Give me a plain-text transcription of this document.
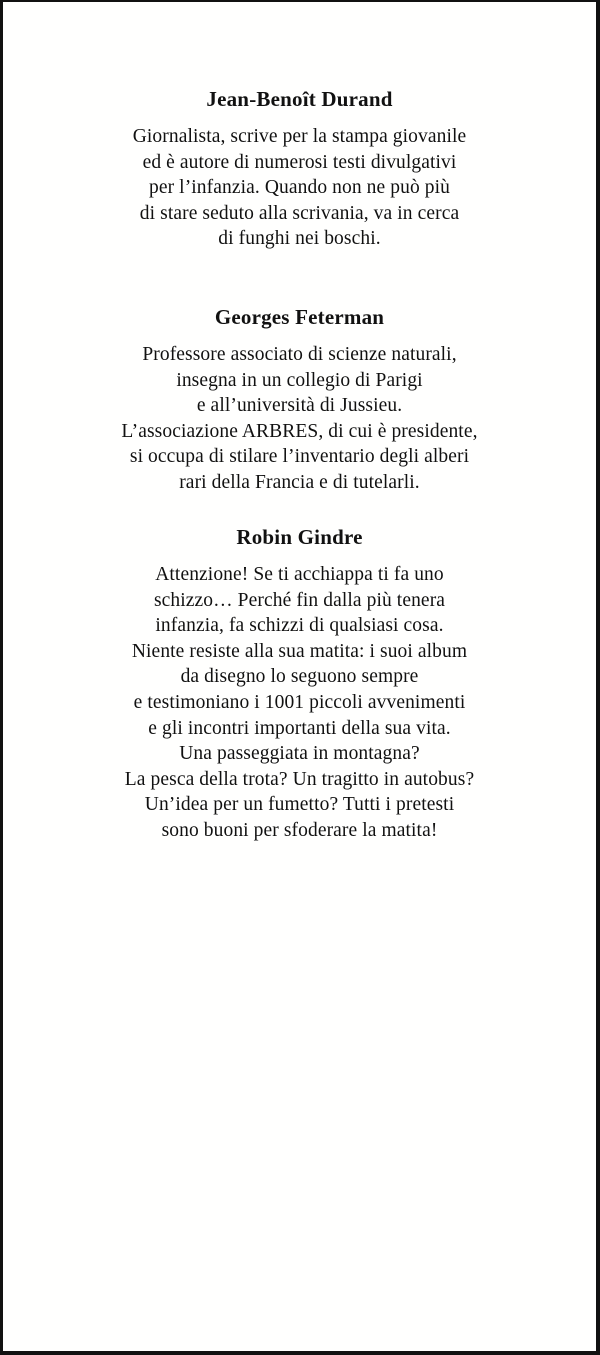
Jean-Benoît Durand
Giornalista, scrive per la stampa giovanile
ed è autore di numerosi testi divulgativi
per l’infanzia. Quando non ne può più
di stare seduto alla scrivania, va in cerca
di funghi nei boschi.
Georges Feterman
Professore associato di scienze naturali,
insegna in un collegio di Parigi
e all’università di Jussieu.
L’associazione ARBRES, di cui è presidente,
si occupa di stilare l’inventario degli alberi
rari della Francia e di tutelarli.
Robin Gindre
Attenzione! Se ti acchiappa ti fa uno
schizzo… Perché fin dalla più tenera
infanzia, fa schizzi di qualsiasi cosa.
Niente resiste alla sua matita: i suoi album
da disegno lo seguono sempre
e testimoniano i 1001 piccoli avvenimenti
e gli incontri importanti della sua vita.
Una passeggiata in montagna?
La pesca della trota? Un tragitto in autobus?
Un’idea per un fumetto? Tutti i pretesti
sono buoni per sfoderare la matita!
